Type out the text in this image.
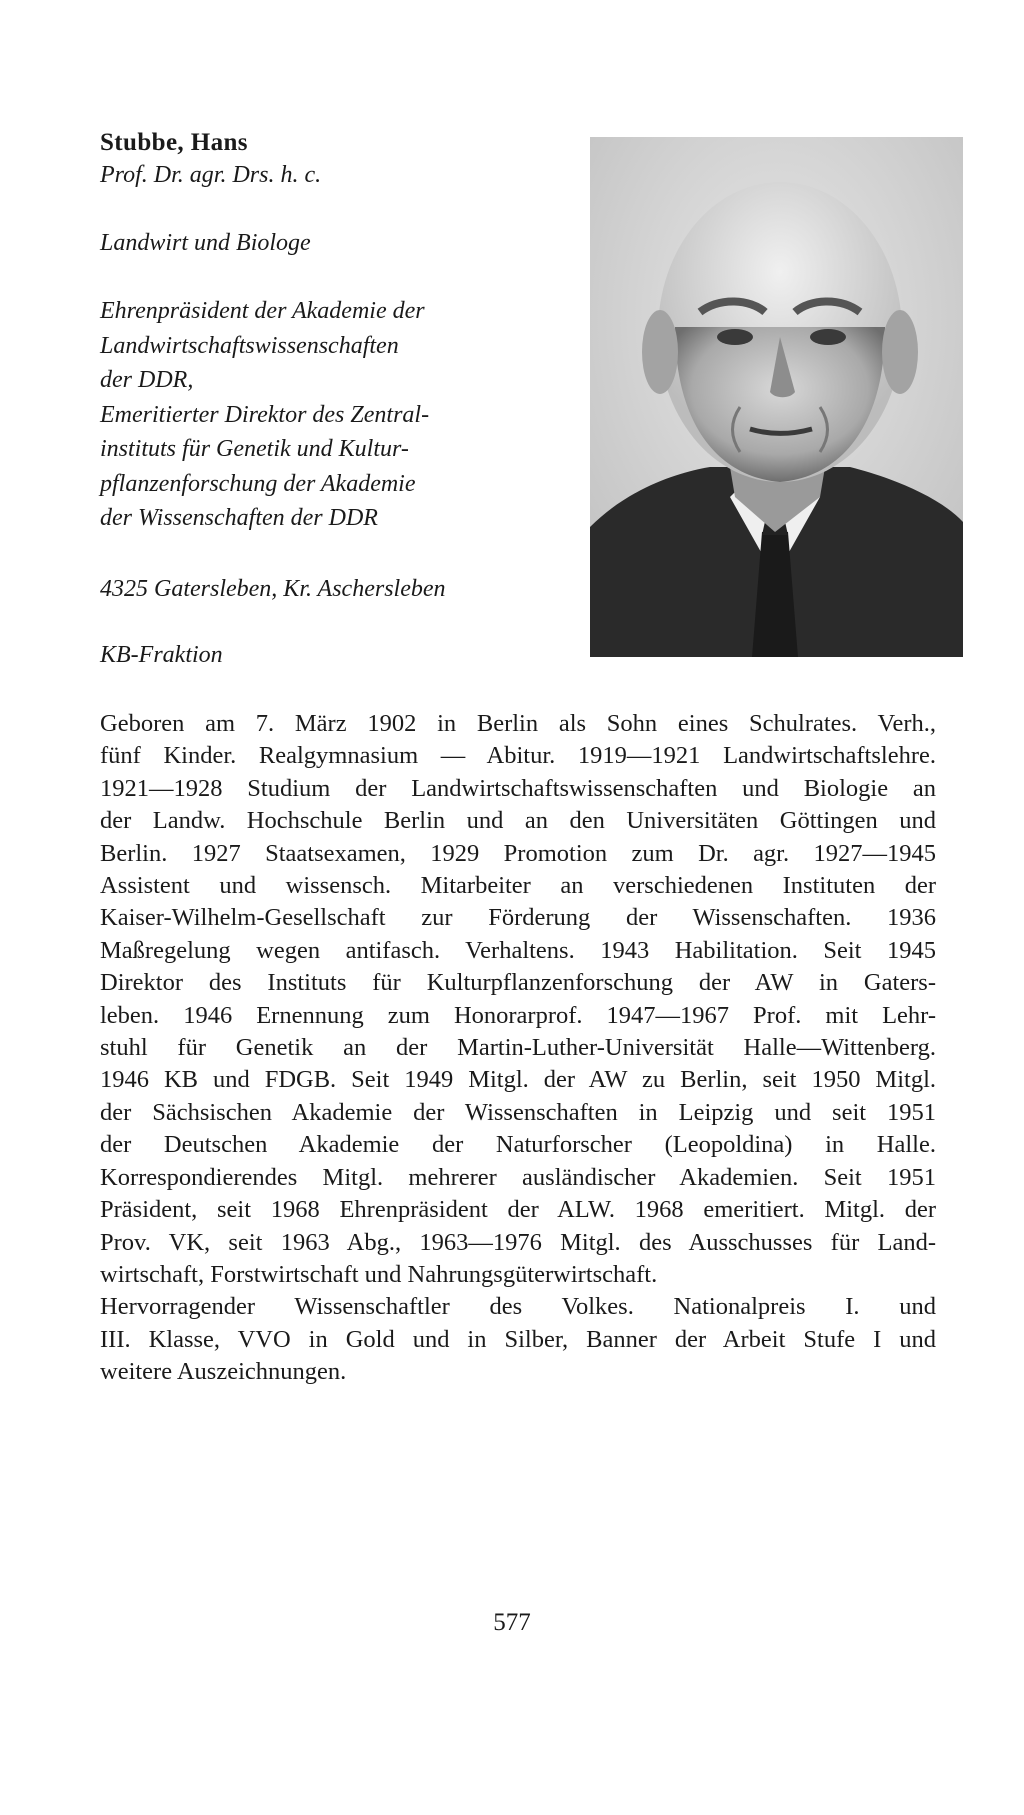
Stubbe, Hans
Prof. Dr. agr. Drs. h. c.
Landwirt und Biologe
Ehrenpräsident der Akademie der
Landwirtschaftswissenschaften
der DDR,
Emeritierter Direktor des Zentral-
instituts für Genetik und Kultur-
pflanzenforschung der Akademie
der Wissenschaften der DDR
4325 Gatersleben, Kr. Aschersleben
KB-Fraktion
Geboren am 7. März 1902 in Berlin als Sohn eines Schulrates. Verh.,
fünf Kinder. Realgymnasium — Abitur. 1919—1921 Landwirtschaftslehre.
1921—1928 Studium der Landwirtschaftswissenschaften und Biologie an
der Landw. Hochschule Berlin und an den Universitäten Göttingen und
Berlin. 1927 Staatsexamen, 1929 Promotion zum Dr. agr. 1927—1945
Assistent und wissensch. Mitarbeiter an verschiedenen Instituten der
Kaiser-Wilhelm-Gesellschaft zur Förderung der Wissenschaften. 1936
Maßregelung wegen antifasch. Verhaltens. 1943 Habilitation. Seit 1945
Direktor des Instituts für Kulturpflanzenforschung der AW in Gaters-
leben. 1946 Ernennung zum Honorarprof. 1947—1967 Prof. mit Lehr-
stuhl für Genetik an der Martin-Luther-Universität Halle—Wittenberg.
1946 KB und FDGB. Seit 1949 Mitgl. der AW zu Berlin, seit 1950 Mitgl.
der Sächsischen Akademie der Wissenschaften in Leipzig und seit 1951
der Deutschen Akademie der Naturforscher (Leopoldina) in Halle.
Korrespondierendes Mitgl. mehrerer ausländischer Akademien. Seit 1951
Präsident, seit 1968 Ehrenpräsident der ALW. 1968 emeritiert. Mitgl. der
Prov. VK, seit 1963 Abg., 1963—1976 Mitgl. des Ausschusses für Land-
wirtschaft, Forstwirtschaft und Nahrungsgüterwirtschaft.
Hervorragender Wissenschaftler des Volkes. Nationalpreis I. und
III. Klasse, VVO in Gold und in Silber, Banner der Arbeit Stufe I und
weitere Auszeichnungen.
577
